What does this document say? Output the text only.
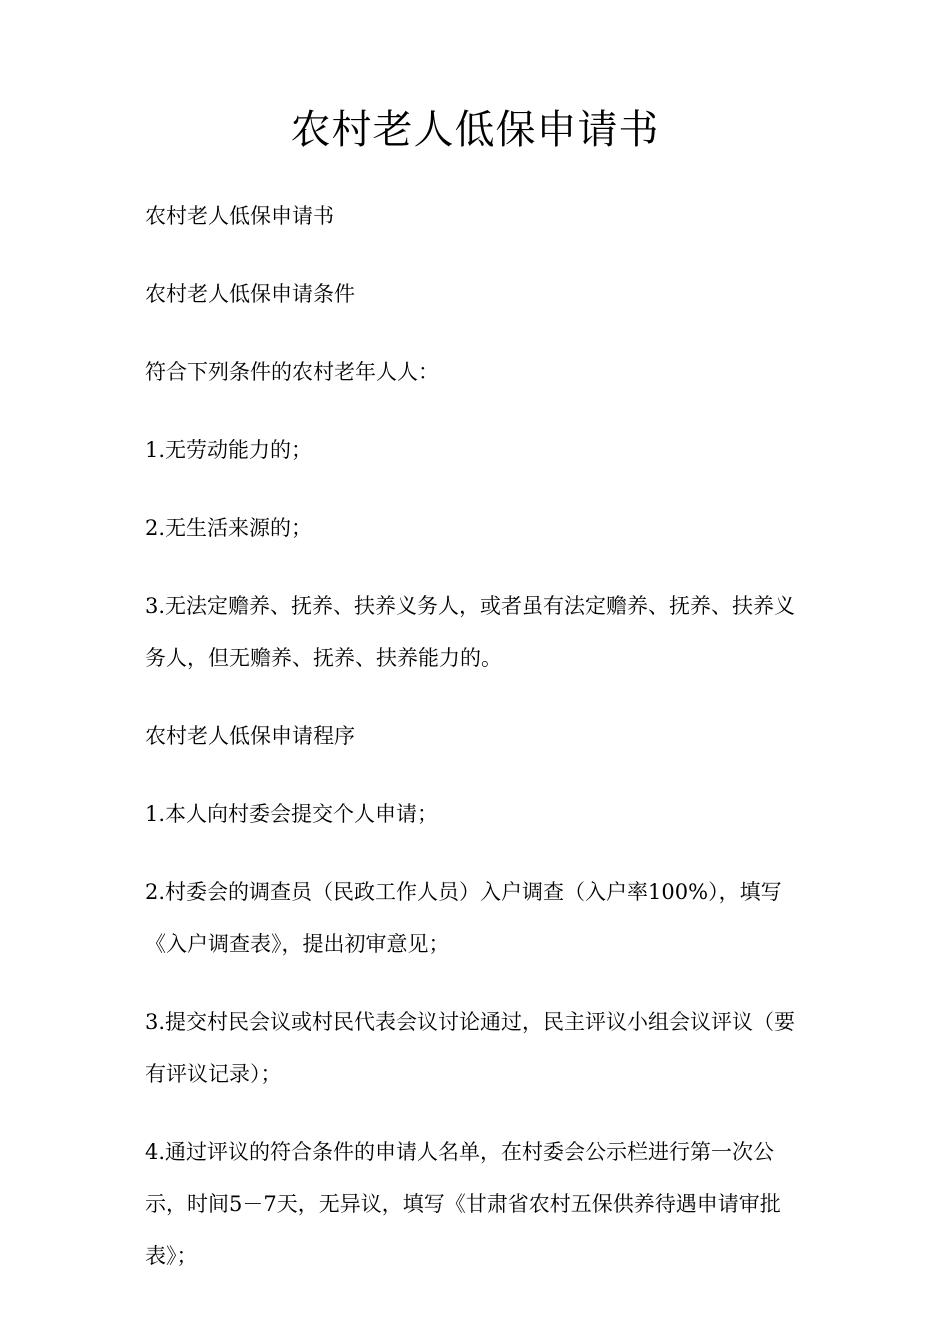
农村老人低保申请书

农村老人低保申请书

农村老人低保申请条件

符合下列条件的农村老年人人：

1.无劳动能力的；

2.无生活来源的；

3.无法定赡养、抚养、扶养义务人，或者虽有法定赡养、抚养、扶养义务人，但无赡养、抚养、扶养能力的。

农村老人低保申请程序

1.本人向村委会提交个人申请；

2.村委会的调查员（民政工作人员）入户调查（入户率100%），填写《入户调查表》，提出初审意见；

3.提交村民会议或村民代表会议讨论通过，民主评议小组会议评议（要有评议记录）；

4.通过评议的符合条件的申请人名单，在村委会公示栏进行第一次公示，时间5－7天，无异议，填写《甘肃省农村五保供养待遇申请审批表》；
